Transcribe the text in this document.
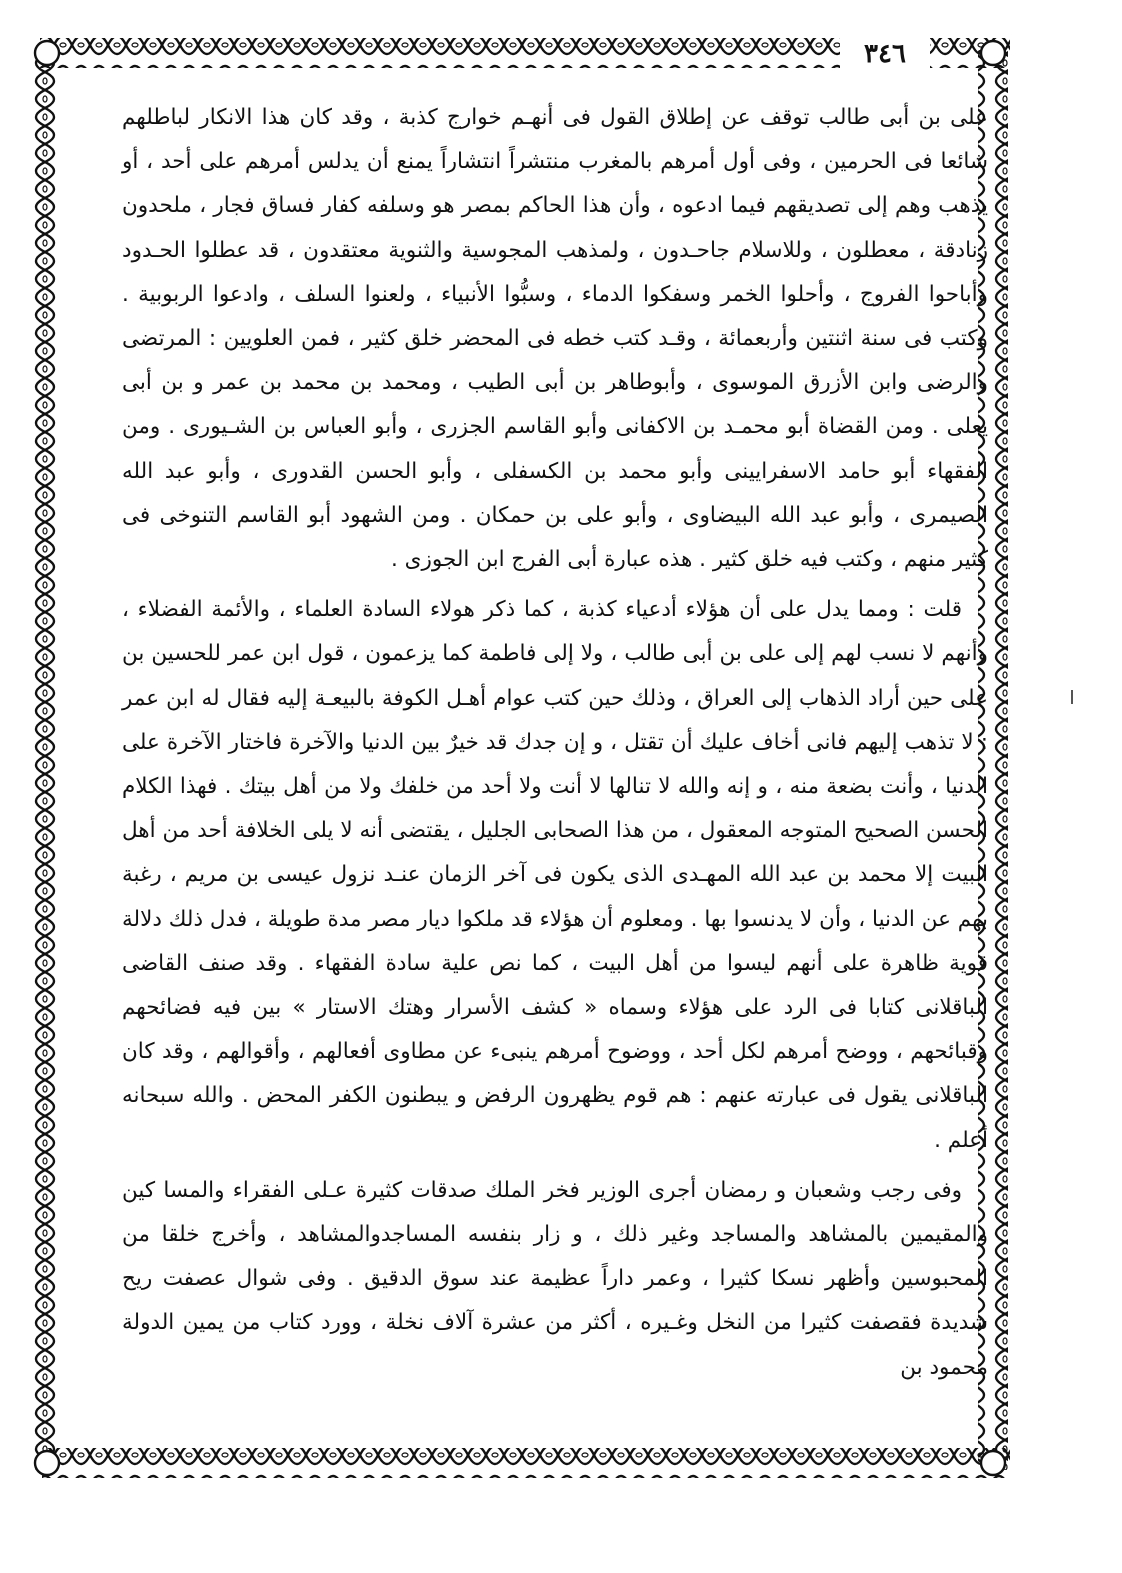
٣٤٦

على بن أبى طالب توقف عن إطلاق القول فى أنهـم خوارج كذبة ، وقد كان هذا الانكار لباطلهم شائعا فى الحرمين ، وفى أول أمرهم بالمغرب منتشراً انتشاراً يمنع أن يدلس أمرهم على أحد ، أو يذهب وهم إلى تصديقهم فيما ادعوه ، وأن هذا الحاكم بمصر هو وسلفه كفار فساق فجار ، ملحدون زنادقة ، معطلون ، وللاسلام جاحـدون ، ولمذهب المجوسية والثنوية معتقدون ، قد عطلوا الحـدود وأباحوا الفروج ، وأحلوا الخمر وسفكوا الدماء ، وسبُّوا الأنبياء ، ولعنوا السلف ، وادعوا الربوبية . وكتب فى سنة اثنتين وأربعمائة ، وقـد كتب خطه فى المحضر خلق كثير ، فمن العلويين : المرتضى والرضى وابن الأزرق الموسوى ، وأبوطاهر بن أبى الطيب ، ومحمد بن محمد بن عمر و بن أبى يعلى . ومن القضاة أبو محمـد بن الاكفانى وأبو القاسم الجزرى ، وأبو العباس بن الشـيورى . ومن الفقهاء أبو حامد الاسفرايينى وأبو محمد بن الكسفلى ، وأبو الحسن القدورى ، وأبو عبد الله الصيمرى ، وأبو عبد الله البيضاوى ، وأبو على بن حمكان . ومن الشهود أبو القاسم التنوخى فى كثير منهم ، وكتب فيه خلق كثير . هذه عبارة أبى الفرج ابن الجوزى .

قلت : ومما يدل على أن هؤلاء أدعياء كذبة ، كما ذكر هولاء السادة العلماء ، والأئمة الفضلاء ، وأنهم لا نسب لهم إلى على بن أبى طالب ، ولا إلى فاطمة كما يزعمون ، قول ابن عمر للحسين بن على حين أراد الذهاب إلى العراق ، وذلك حين كتب عوام أهـل الكوفة بالبيعـة إليه فقال له ابن عمر : لا تذهب إليهم فانى أخاف عليك أن تقتل ، و إن جدك قد خيرٌ بين الدنيا والآخرة فاختار الآخرة على الدنيا ، وأنت بضعة منه ، و إنه والله لا تنالها لا أنت ولا أحد من خلفك ولا من أهل بيتك . فهذا الكلام الحسن الصحيح المتوجه المعقول ، من هذا الصحابى الجليل ، يقتضى أنه لا يلى الخلافة أحد من أهل البيت إلا محمد بن عبد الله المهـدى الذى يكون فى آخر الزمان عنـد نزول عيسى بن مريم ، رغبة بهم عن الدنيا ، وأن لا يدنسوا بها . ومعلوم أن هؤلاء قد ملكوا ديار مصر مدة طويلة ، فدل ذلك دلالة قوية ظاهرة على أنهم ليسوا من أهل البيت ، كما نص علية سادة الفقهاء . وقد صنف القاضى الباقلانى كتابا فى الرد على هؤلاء وسماه « كشف الأسرار وهتك الاستار » بين فيه فضائحهم وقبائحهم ، ووضح أمرهم لكل أحد ، ووضوح أمرهم ينبىء عن مطاوى أفعالهم ، وأقوالهم ، وقد كان الباقلانى يقول فى عبارته عنهم : هم قوم يظهرون الرفض و يبطنون الكفر المحض . والله سبحانه أعلم .

وفى رجب وشعبان و رمضان أجرى الوزير فخر الملك صدقات كثيرة عـلى الفقراء والمسا كين والمقيمين بالمشاهد والمساجد وغير ذلك ، و زار بنفسه المساجدوالمشاهد ، وأخرج خلقا من المحبوسين وأظهر نسكا كثيرا ، وعمر داراً عظيمة عند سوق الدقيق . وفى شوال عصفت ريح شديدة فقصفت كثيرا من النخل وغـيره ، أكثر من عشرة آلاف نخلة ، وورد كتاب من يمين الدولة محمود بن
